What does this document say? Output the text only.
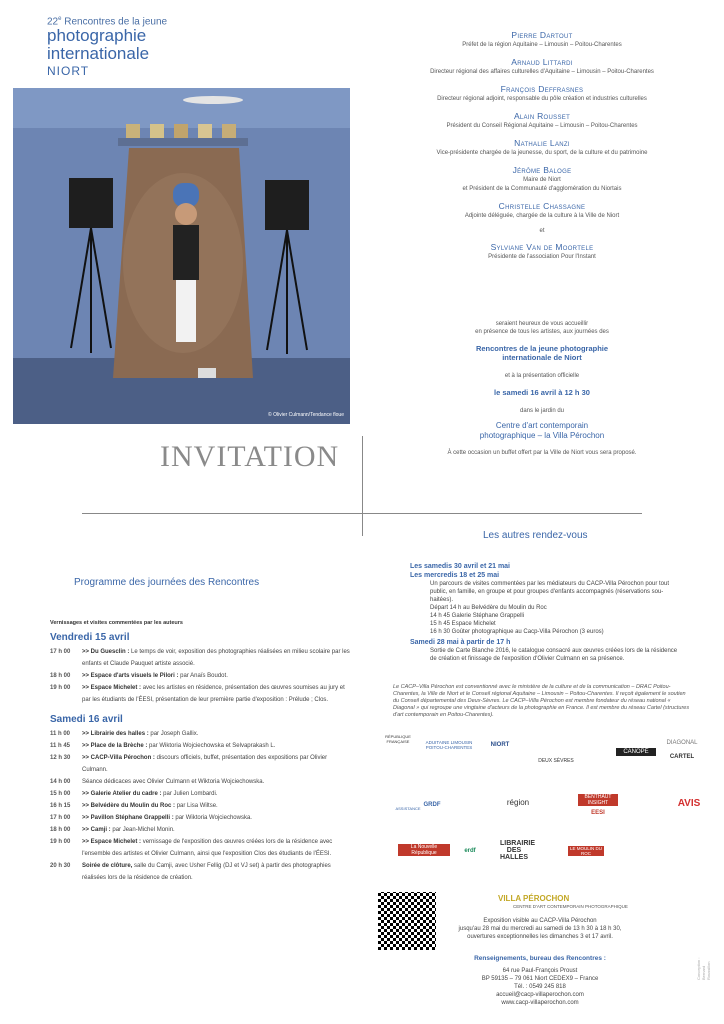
22e Rencontres de la jeune
photographie
internationale
NIORT
© Olivier Culmann/Tendance floue
INVITATION
Pierre Dartout
Préfet de la région Aquitaine – Limousin – Poitou-Charentes
Arnaud Littardi
Directeur régional des affaires culturelles d'Aquitaine – Limousin – Poitou-Charentes
François Deffrasnes
Directeur régional adjoint, responsable du pôle création et industries culturelles
Alain Rousset
Président du Conseil Régional Aquitaine – Limousin – Poitou-Charentes
Nathalie Lanzi
Vice-présidente chargée de la jeunesse, du sport, de la culture et du patrimoine
Jérôme Baloge
Maire de Niort
et Président de la Communauté d'agglomération du Niortais
Christelle Chassagne
Adjointe déléguée, chargée de la culture à la Ville de Niort
et
Sylviane Van de Moortele
Présidente de l'association Pour l'Instant
seraient heureux de vous accueillir
en présence de tous les artistes, aux journées des
Rencontres de la jeune photographie
internationale de Niort
et à la présentation officielle
le samedi 16 avril à 12 h 30
dans le jardin du
Centre d'art contemporain
photographique – la Villa Pérochon
À cette occasion un buffet offert par la Ville de Niort vous sera proposé.
Les autres rendez-vous
Les samedis 30 avril et 21 mai
Les mercredis 18 et 25 mai
Un parcours de visites commentées par les médiateurs du CACP-Villa Pérochon pour tout public, en famille, en groupe et pour groupes d'enfants accompagnés (réservations sou-haitées).
Départ 14 h au Belvédère du Moulin du Roc
14 h 45 Galerie Stéphane Grappelli
15 h 45 Espace Michelet
16 h 30 Goûter photographique au Cacp-Villa Pérochon (3 euros)
Samedi 28 mai à partir de 17 h
Sortie de Carte Blanche 2016, le catalogue consacré aux œuvres créées lors de la résidence de création et finissage de l'exposition d'Olivier Culmann en sa présence.
Le CACP–Villa Pérochon est conventionné avec le ministère de la culture et de la communication – DRAC Poitou-Charentes, la Ville de Niort et le Conseil régional Aquitaine – Limousin – Poitou-Charentes. Il reçoit également le soutien du Conseil départemental des Deux-Sèvres. Le CACP–Villa Pérochon est membre fondateur du réseau national « Diagonal » qui regroupe une vingtaine d'acteurs de la photographie en France. Il est membre du réseau Cartel (structures d'art contemporain en Poitou-Charentes).
RÉPUBLIQUE FRANÇAISE	ADUITAINE LIMOUSIN POITOU-CHARENTES	NIORT
DEUX SÈVRES
CANOPÉ
DIAGONAL
CARTEL
ASSISTANCE
GRDF	région
BENTHAUT INSIGHT
EESI
AVIS
La Nouvelle République	erdf
LIBRAIRIE DES HALLES
LE MOULIN DU ROC
VILLA PÉROCHON
CENTRE D'ART CONTEMPORAIN PHOTOGRAPHIQUE
Exposition visible au CACP-Villa Pérochon
jusqu'au 28 mai du mercredi au samedi de 13 h 30 à 18 h 30,
ouvertures exceptionnelles les dimanches 3 et 17 avril.
Renseignements, bureau des Rencontres :
64 rue Paul-François Proust
BP 59135 – 79 061 Niort CEDEX9 – France
Tél. : 0549 245 818
accueil@cacp-villaperochon.com
www.cacp-villaperochon.com
Conception : Bernard Roussillon
Programme des journées des Rencontres
Vernissages et visites commentées par les auteurs
Vendredi 15 avril
17 h 00	>> Du Guesclin : Le temps de voir, exposition des photographies réalisées en milieu scolaire par les enfants et Claude Pauquet artiste associé.
18 h 00	>> Espace d'arts visuels le Pilori : par Anaïs Boudot.
19 h 00	>> Espace Michelet : avec les artistes en résidence, présentation des œuvres soumises au jury et par les étudiants de l'ÉESI, présentation de leur première partie d'exposition : Prélude ; Clos.
Samedi 16 avril
11 h 00	>> Librairie des halles : par Joseph Gallix.
11 h 45	>> Place de la Brèche : par Wiktoria Wojciechowska et Selvaprakash L.
12 h 30	>> CACP-Villa Pérochon : discours officiels, buffet, présentation des expositions par Olivier Culmann.
14 h 00	Séance dédicaces avec Olivier Culmann et Wiktoria Wojciechowska.
15 h 00	>> Galerie Atelier du cadre : par Julien Lombardi.
16 h 15	>> Belvédère du Moulin du Roc : par Lisa Wiltse.
17 h 00	>> Pavillon Stéphane Grappelli : par Wiktoria Wojciechowska.
18 h 00	>> Camji : par Jean-Michel Monin.
19 h 00	>> Espace Michelet : vernissage de l'exposition des œuvres créées lors de la résidence avec l'ensemble des artistes et Olivier Culmann, ainsi que l'exposition Clos des étudiants de l'ÉESI.
20 h 30	Soirée de clôture, salle du Camji, avec Usher Fellig (DJ et VJ set) à partir des photographies réalisées lors de la résidence de création.
